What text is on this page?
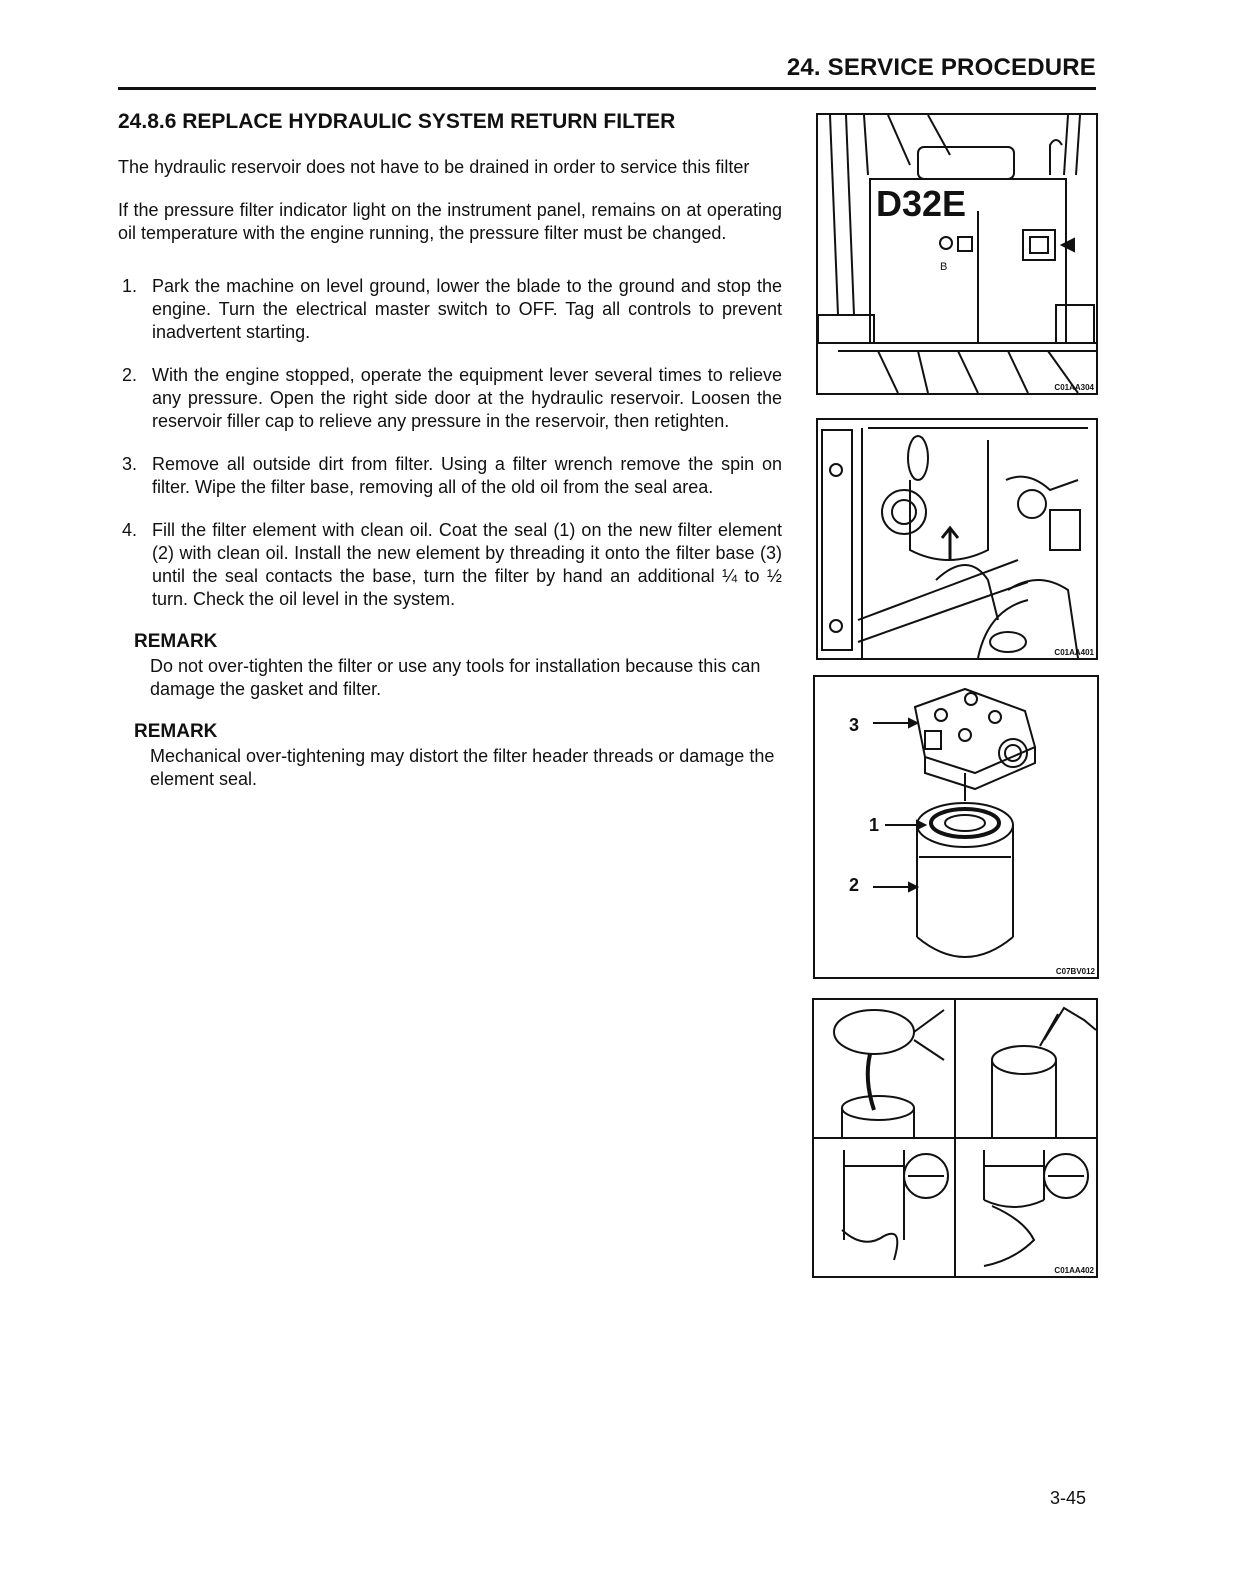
24. SERVICE PROCEDURE
24.8.6 REPLACE HYDRAULIC SYSTEM RETURN FILTER

The hydraulic reservoir does not have to be drained in order to service this filter

If the pressure filter indicator light on the instrument panel, remains on at operating oil temperature with the engine running, the pressure filter must be changed.

1. Park the machine on level ground, lower the blade to the ground and stop the engine. Turn the electrical master switch to OFF. Tag all controls to prevent inadvertent starting.
2. With the engine stopped, operate the equipment lever several times to relieve any pressure. Open the right side door at the hydraulic reservoir. Loosen the reservoir filler cap to relieve any pressure in the reservoir, then retighten.
3. Remove all outside dirt from filter. Using a filter wrench remove the spin on filter. Wipe the filter base, removing all of the old oil from the seal area.
4. Fill the filter element with clean oil. Coat the seal (1) on the new filter element (2) with clean oil. Install the new element by threading it onto the filter base (3) until the seal contacts the base, turn the filter by hand an additional ¼ to ½ turn. Check the oil level in the system.
REMARK
Do not over-tighten the filter or use any tools for installation because this can damage the gasket and filter.
REMARK
Mechanical over-tightening may distort the filter header threads or damage the element seal.
B
D32E
C01AA304
C01AA401
3
1
2
C07BV012
C01AA402
3-45
